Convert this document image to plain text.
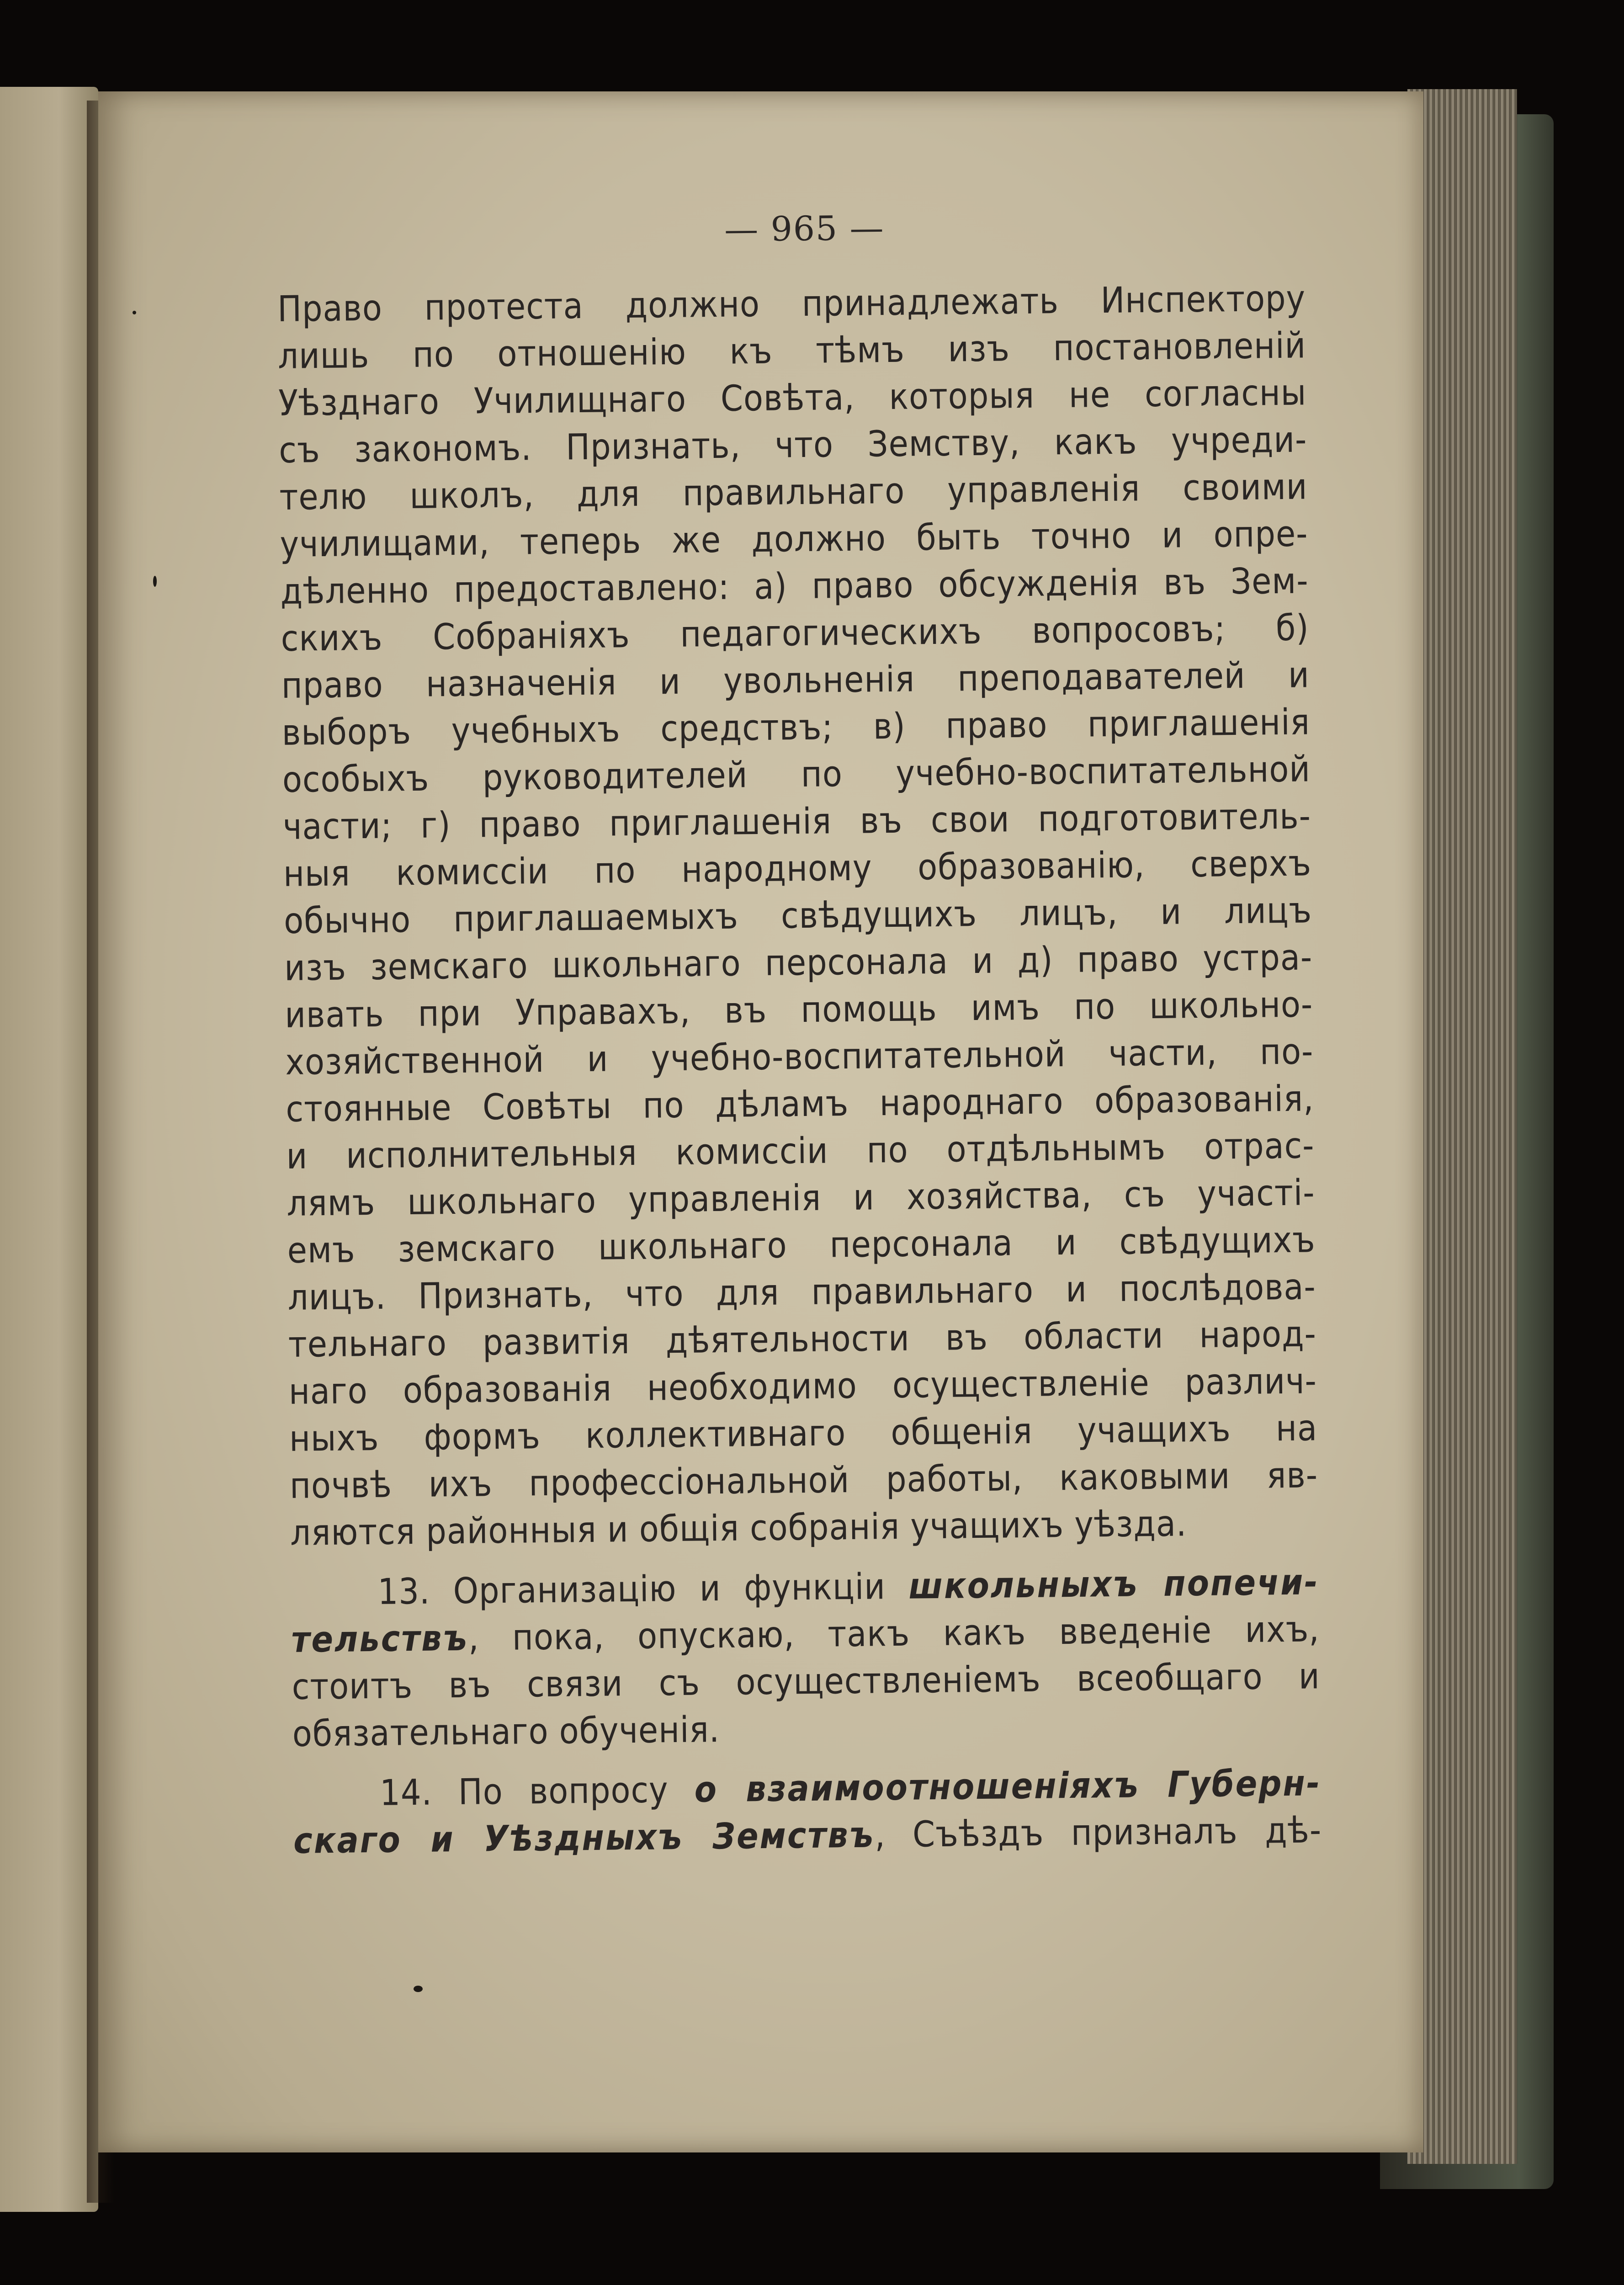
— 965 —
Право протеста должно принадлежать Инспектору
лишь по отношенію къ тѣмъ изъ постановленій
Уѣзднаго Училищнаго Совѣта, которыя не согласны
съ закономъ. Признать, что Земству, какъ учреди-
телю школъ, для правильнаго управленія своими
училищами, теперь же должно быть точно и опре-
дѣленно предоставлено: а) право обсужденія въ Зем-
скихъ Собраніяхъ педагогическихъ вопросовъ; б)
право назначенія и увольненія преподавателей и
выборъ учебныхъ средствъ; в) право приглашенія
особыхъ руководителей по учебно-воспитательной
части; г) право приглашенія въ свои подготовитель-
ныя комиссіи по народному образованію, сверхъ
обычно приглашаемыхъ свѣдущихъ лицъ, и лицъ
изъ земскаго школьнаго персонала и д) право устра-
ивать при Управахъ, въ помощь имъ по школьно-
хозяйственной и учебно-воспитательной части, по-
стоянные Совѣты по дѣламъ народнаго образованія,
и исполнительныя комиссіи по отдѣльнымъ отрас-
лямъ школьнаго управленія и хозяйства, съ участі-
емъ земскаго школьнаго персонала и свѣдущихъ
лицъ. Признать, что для правильнаго и послѣдова-
тельнаго развитія дѣятельности въ области народ-
наго образованія необходимо осуществленіе различ-
ныхъ формъ коллективнаго общенія учащихъ на
почвѣ ихъ профессіональной работы, каковыми яв-
ляются районныя и общія собранія учащихъ уѣзда.
13. Организацію и функціи школьныхъ попечи-
тельствъ, пока, опускаю, такъ какъ введеніе ихъ,
стоитъ въ связи съ осуществленіемъ всеобщаго и
обязательнаго обученія.
14. По вопросу о взаимоотношеніяхъ Губерн-
скаго и Уѣздныхъ Земствъ, Съѣздъ призналъ дѣ-
